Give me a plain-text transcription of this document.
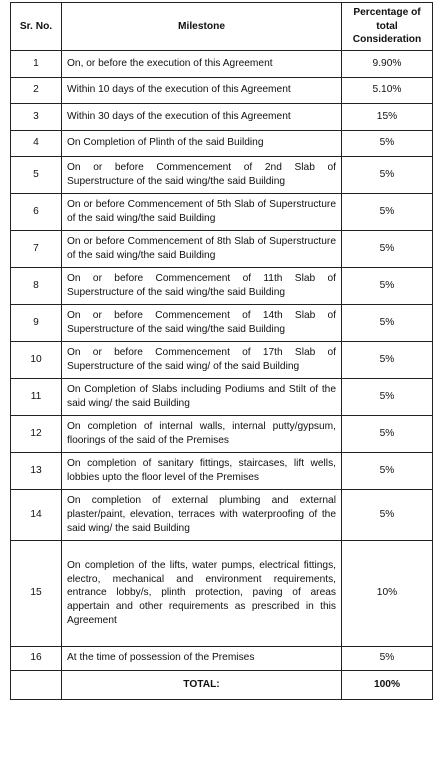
Sr. No.	Milestone	Percentage of total Consideration
1	On, or before the execution of this Agreement	9.90%
2	Within 10 days of the execution of this Agreement	5.10%
3	Within 30 days of the execution of this Agreement	15%
4	On Completion of Plinth of the said Building	5%
5	On or before Commencement of 2nd Slab of Superstructure of the said wing/the said Building	5%
6	On or before Commencement of 5th Slab of Superstructure of the said wing/the said Building	5%
7	On or before Commencement of 8th Slab of Superstructure of the said wing/the said Building	5%
8	On or before Commencement of 11th Slab of Superstructure of the said wing/the said Building	5%
9	On or before Commencement of 14th Slab of Superstructure of the said wing/the said Building	5%
10	On or before Commencement of 17th Slab of Superstructure of the said wing/ of the said Building	5%
11	On Completion of Slabs including Podiums and Stilt of the said wing/ the said Building	5%
12	On completion of internal walls, internal putty/gypsum, floorings of the said of the Premises	5%
13	On completion of sanitary fittings, staircases, lift wells, lobbies upto the floor level of the Premises	5%
14	On completion of external plumbing and external plaster/paint, elevation, terraces with waterproofing of the said wing/ the said Building	5%
15	On completion of the lifts, water pumps, electrical fittings, electro, mechanical and environment requirements, entrance lobby/s, plinth protection, paving of areas appertain and other requirements as prescribed in this Agreement	10%
16	At the time of possession of the Premises	5%
	TOTAL:	100%
